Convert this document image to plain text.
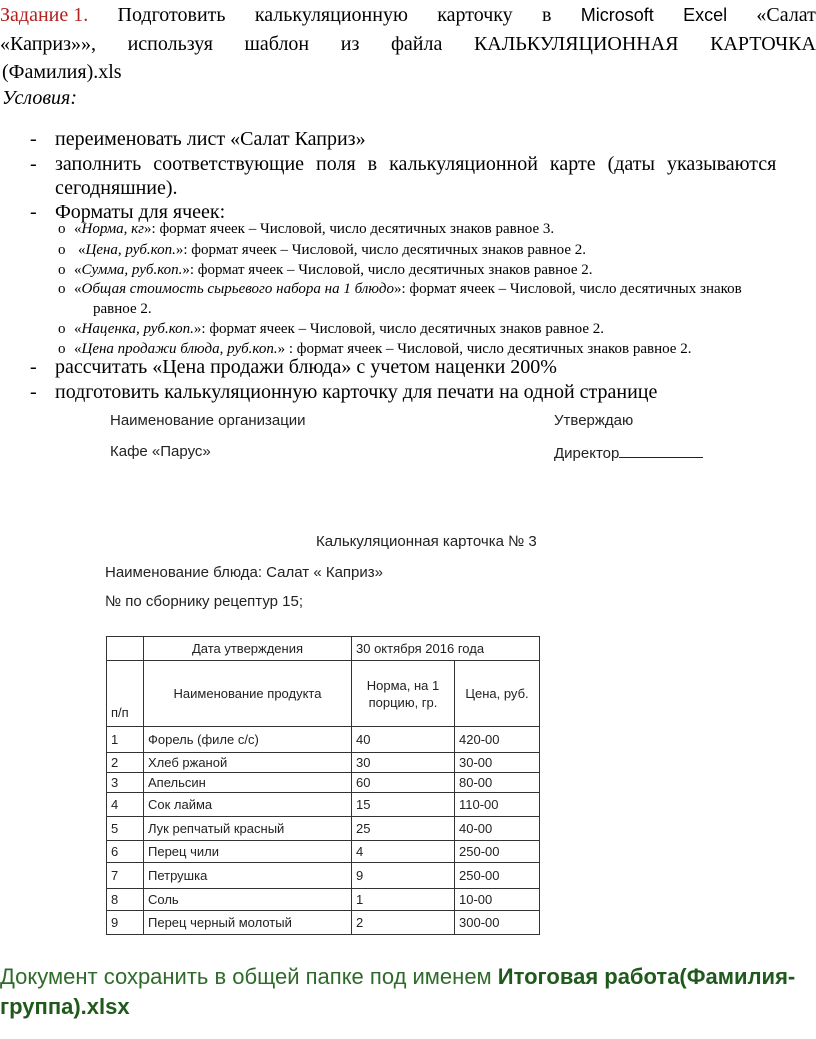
Задание 1. Подготовить калькуляционную карточку в Microsoft Excel «Салат
«Каприз»», используя шаблон из файла КАЛЬКУЛЯЦИОННАЯ КАРТОЧКА
(Фамилия).xls
Условия:
- переименовать лист «Салат Каприз»
- заполнить соответствующие поля в калькуляционной карте (даты указываются
сегодняшние).
- Форматы для ячеек:
o «Норма, кг»: формат ячеек – Числовой, число десятичных знаков равное 3.
o «Цена, руб.коп.»: формат ячеек – Числовой, число десятичных знаков равное 2.
o «Сумма, руб.коп.»: формат ячеек – Числовой, число десятичных знаков равное 2.
o «Общая стоимость сырьевого набора на 1 блюдо»: формат ячеек – Числовой, число десятичных знаков
равное 2.
o «Наценка, руб.коп.»: формат ячеек – Числовой, число десятичных знаков равное 2.
o «Цена продажи блюда, руб.коп.» : формат ячеек – Числовой, число десятичных знаков равное 2.
- рассчитать «Цена продажи блюда» с учетом наценки 200%
- подготовить калькуляционную карточку для печати на одной странице
Наименование организации	Утверждаю
Кафе «Парус»	Директор
Калькуляционная карточка № 3
Наименование блюда: Салат « Каприз»
№ по сборнику рецептур 15;
	Дата утверждения	30 октября 2016 года	
п/п	Наименование продукта	Норма, на 1 порцию, гр.	Цена, руб.
1	Форель (филе с/с)	40	420-00
2	Хлеб ржаной	30	30-00
3	Апельсин	60	80-00
4	Сок лайма	15	110-00
5	Лук репчатый красный	25	40-00
6	Перец чили	4	250-00
7	Петрушка	9	250-00
8	Соль	1	10-00
9	Перец черный молотый	2	300-00
Документ сохранить в общей папке под именем Итоговая работа(Фамилия-группа).xlsx
